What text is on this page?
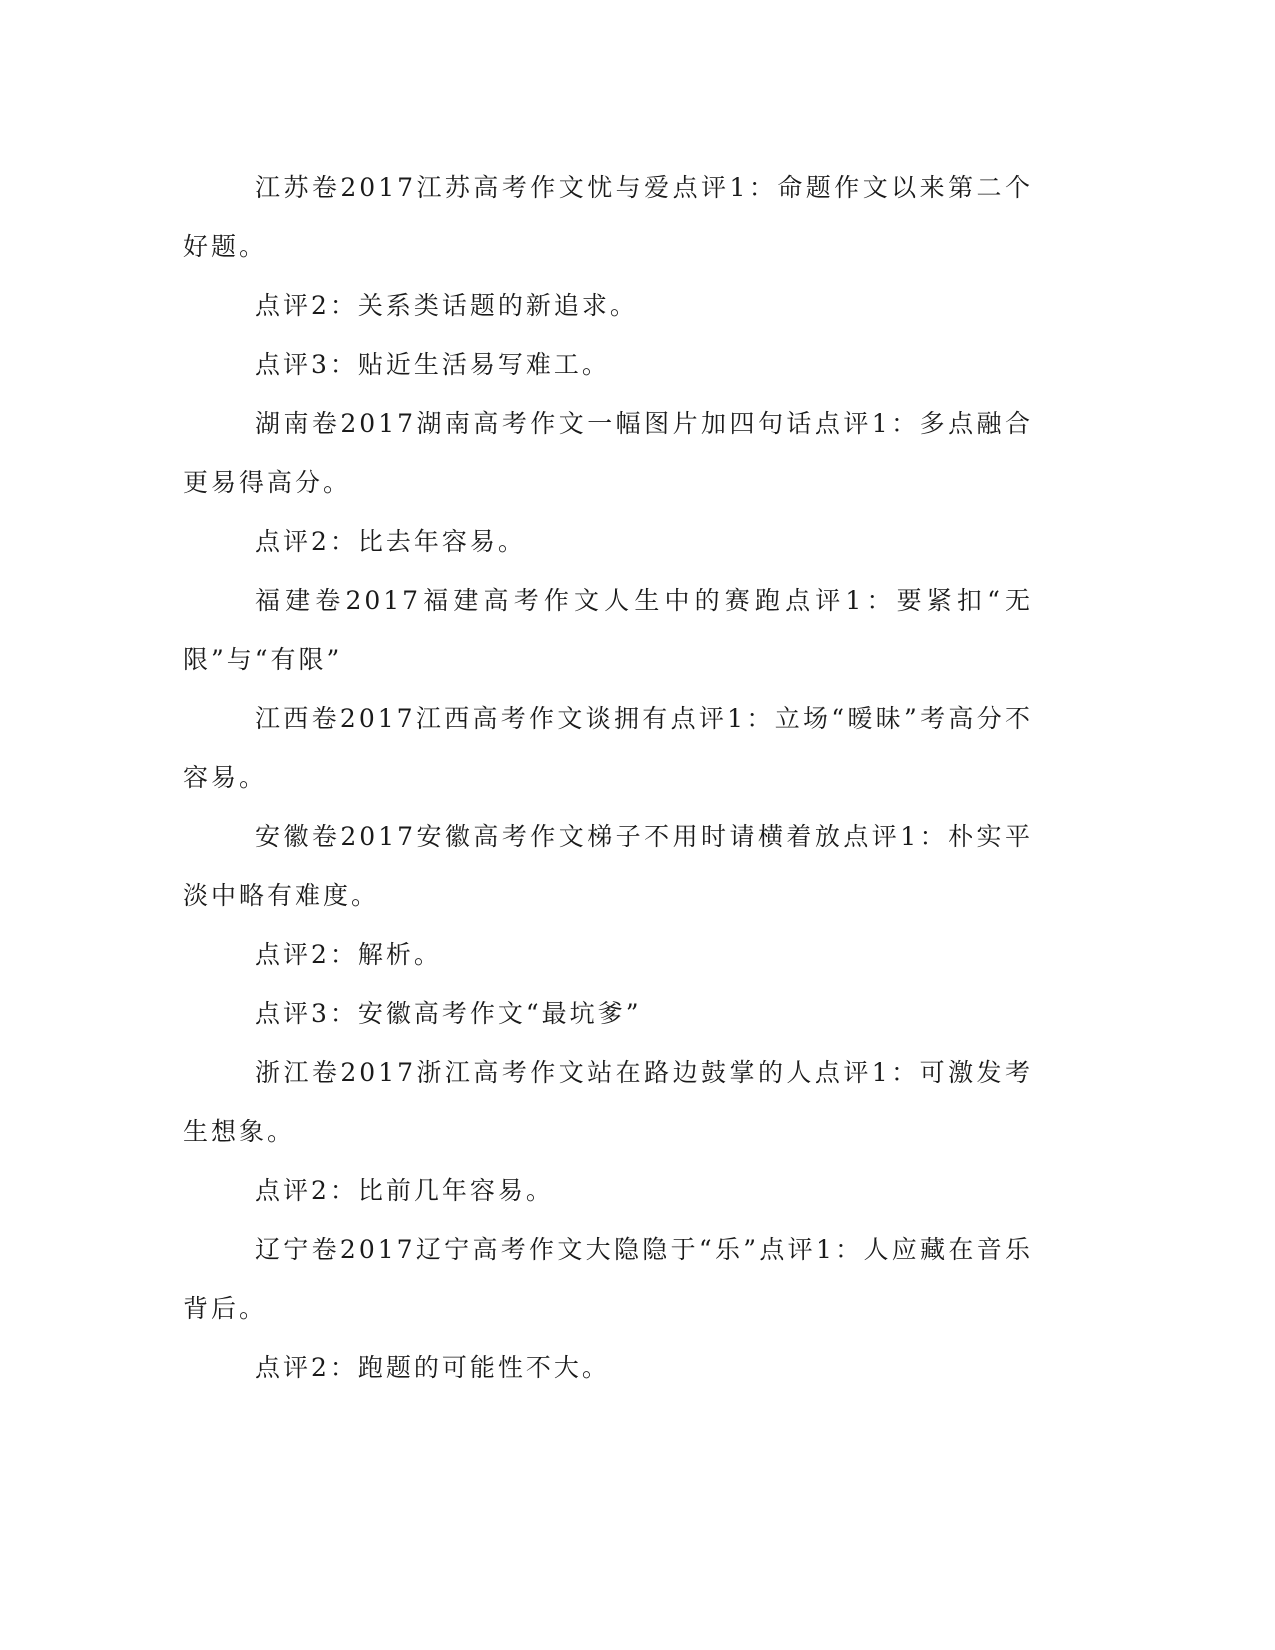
江苏卷2017江苏高考作文忧与爱点评1：命题作文以来第二个好题。

点评2：关系类话题的新追求。

点评3：贴近生活易写难工。

湖南卷2017湖南高考作文一幅图片加四句话点评1：多点融合更易得高分。

点评2：比去年容易。

福建卷2017福建高考作文人生中的赛跑点评1：要紧扣“无限”与“有限”

江西卷2017江西高考作文谈拥有点评1：立场“暧昧”考高分不容易。

安徽卷2017安徽高考作文梯子不用时请横着放点评1：朴实平淡中略有难度。

点评2：解析。

点评3：安徽高考作文“最坑爹”

浙江卷2017浙江高考作文站在路边鼓掌的人点评1：可激发考生想象。

点评2：比前几年容易。

辽宁卷2017辽宁高考作文大隐隐于“乐”点评1：人应藏在音乐背后。

点评2：跑题的可能性不大。
